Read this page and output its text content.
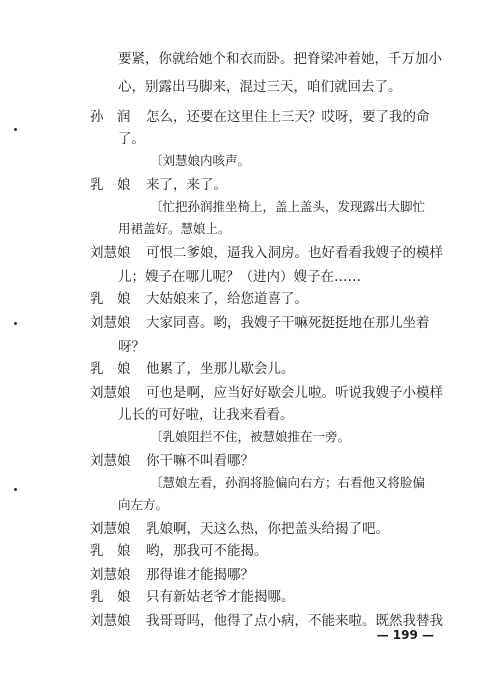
要紧，你就给她个和衣而卧。把脊梁冲着她，千万加小
心，别露出马脚来，混过三天，咱们就回去了。
孙　润 怎么，还要在这里住上三天？哎呀，要了我的命
了。
〔刘慧娘内咳声。
乳　娘 来了，来了。
〔忙把孙润推坐椅上，盖上盖头，发现露出大脚忙
用裙盖好。慧娘上。
刘慧娘 可恨二爹娘，逼我入洞房。也好看看我嫂子的模样
儿；嫂子在哪儿呢？（进内）嫂子在……
乳　娘 大姑娘来了，给您道喜了。
刘慧娘 大家同喜。哟，我嫂子干嘛死挺挺地在那儿坐着
呀？
乳　娘 他累了，坐那儿歇会儿。
刘慧娘 可也是啊，应当好好歇会儿啦。听说我嫂子小模样
儿长的可好啦，让我来看看。
〔乳娘阻拦不住，被慧娘推在一旁。
刘慧娘 你干嘛不叫看哪？
〔慧娘左看，孙润将脸偏向右方；右看他又将脸偏
向左方。
刘慧娘 乳娘啊，天这么热，你把盖头给揭了吧。
乳　娘 哟，那我可不能揭。
刘慧娘 那得谁才能揭哪？
乳　娘 只有新姑老爷才能揭哪。
刘慧娘 我哥哥吗，他得了点小病，不能来啦。既然我替我
— 199 —
